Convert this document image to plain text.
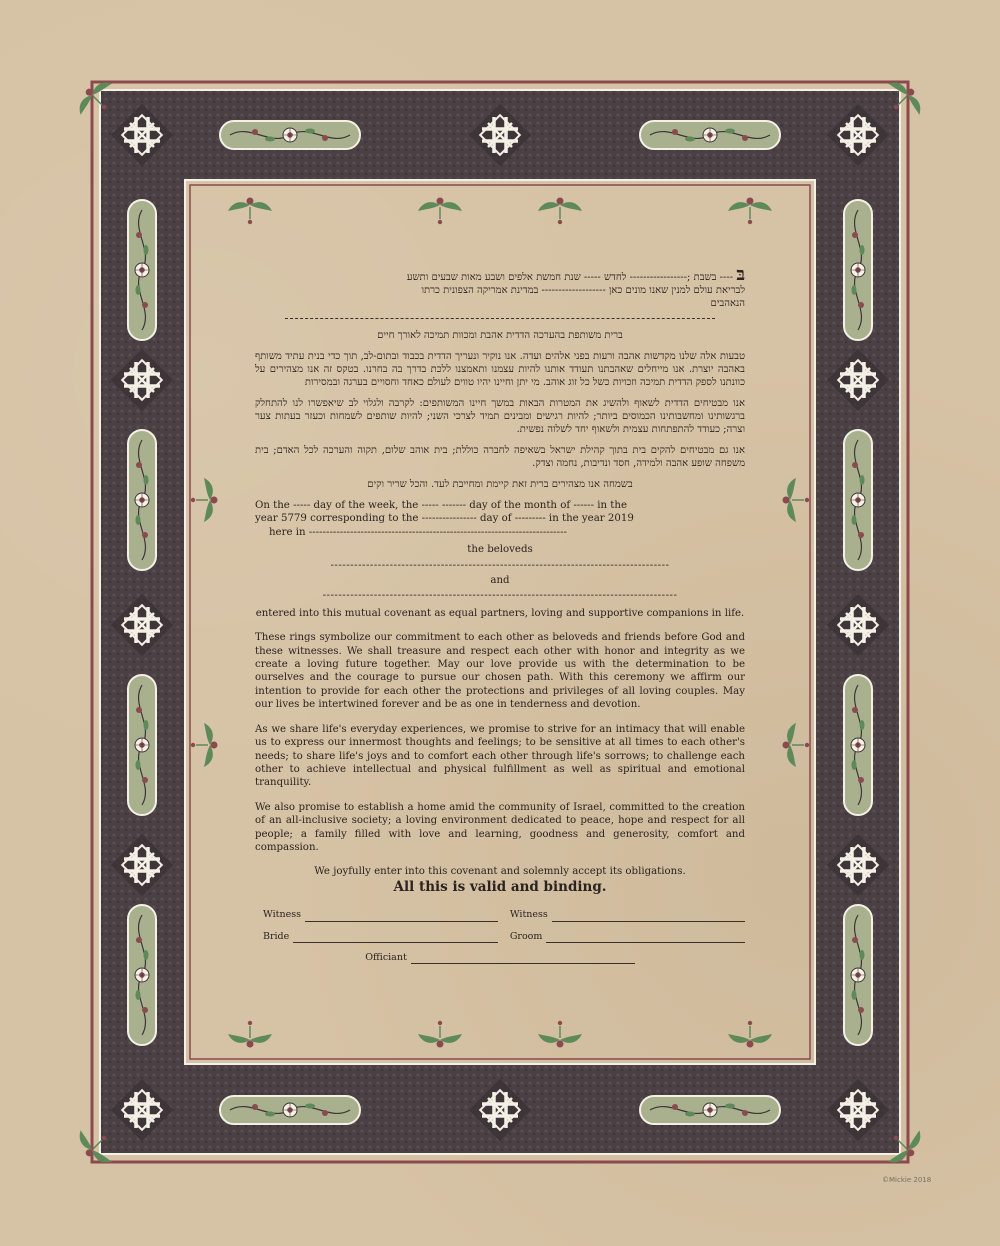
בּ ---- בשבת ;----------------- לחדש ----- שנת חמשת אלפים ושבע מאות שבעים ותשע
לבריאת עולם למנין שאנו מונים כאן ------------------- במדינת אמריקה הצפונית כרתו
הנאהבים
ברית משותפת בהערכה הדדית אהבת ומכוות תמיכה לאורך חיים
טבעות אלה שלנו מקדשות אהבה ורעות בפני אלהים ועדה. אנו נוקיר ונעריך הדדית בכבוד ובתום-לב, תוך כדי בנית עתיד משותף באהבה יוצרת. אנו מייחלים שאהבתנו תעודד אותנו להיות עצמנו ותאמצנו ללכת בדרך בה בחרנו. בטקס זה אנו מצהירים על כוונתנו לספק הדדית תמיכה וזכויות כשל כל זוג אוהב. מי יתן וחיינו יהיו טווים לעולם כאחד וחסויים בערגה ובמסירות
אנו מבטיחים הדדית לשאוף ולהשיג את המטרות הבאות במשך חיינו המשותפים: לקרבה ולגלוי לב שיאפשרו לנו להתחלק ברגשותינו ומחשבותינו הכמוסים ביותר; להיות רגישים ומבינים תמיד לצרכי השני; להיות שותפים לשמחות וכעזר בעתות צער וצרה; כעודד להתפתחות עצמית ולשאוף יחד לשלוה נפשית.
אנו גם מבטיחים להקים בית בתוך קהילת ישראל בשאיפה לחברה כוללת; בית אוהב שלום, תקוה והערכה לכל האדם; בית משפחה שופע אהבה ולמידה, חסד ונדיבות, נחמה וצדק.
בשמחה אנו מצהירים ברית זאת קיימת ומחייבת לעד. והכל שריר וקים
On the ----- day of the week, the ----- ------- day of the month of ------ in the
year 5779 corresponding to the ---------------- day of --------- in the year 2019
here in ---------------------------------------------------------------------------
the beloveds
--------------------------------------------------------------------------------------
and
------------------------------------------------------------------------------------------
entered into this mutual covenant as equal partners, loving and supportive companions in life.
These rings symbolize our commitment to each other as beloveds and friends before God and these witnesses. We shall treasure and respect each other with honor and integrity as we create a loving future together. May our love provide us with the determination to be ourselves and the courage to pursue our chosen path. With this ceremony we affirm our intention to provide for each other the protections and privileges of all loving couples. May our lives be intertwined forever and be as one in tenderness and devotion.
As we share life's everyday experiences, we promise to strive for an intimacy that will enable us to express our innermost thoughts and feelings; to be sensitive at all times to each other's needs; to share life's joys and to comfort each other through life's sorrows; to challenge each other to achieve intellectual and physical fulfillment as well as spiritual and emotional tranquility.
We also promise to establish a home amid the community of Israel, committed to the creation of an all-inclusive society; a loving environment dedicated to peace, hope and respect for all people; a family filled with love and learning, goodness and generosity, comfort and compassion.
We joyfully enter into this covenant and solemnly accept its obligations.
All this is valid and binding.
Witness	Witness
Bride	Groom
Officiant
©Mickie 2018
